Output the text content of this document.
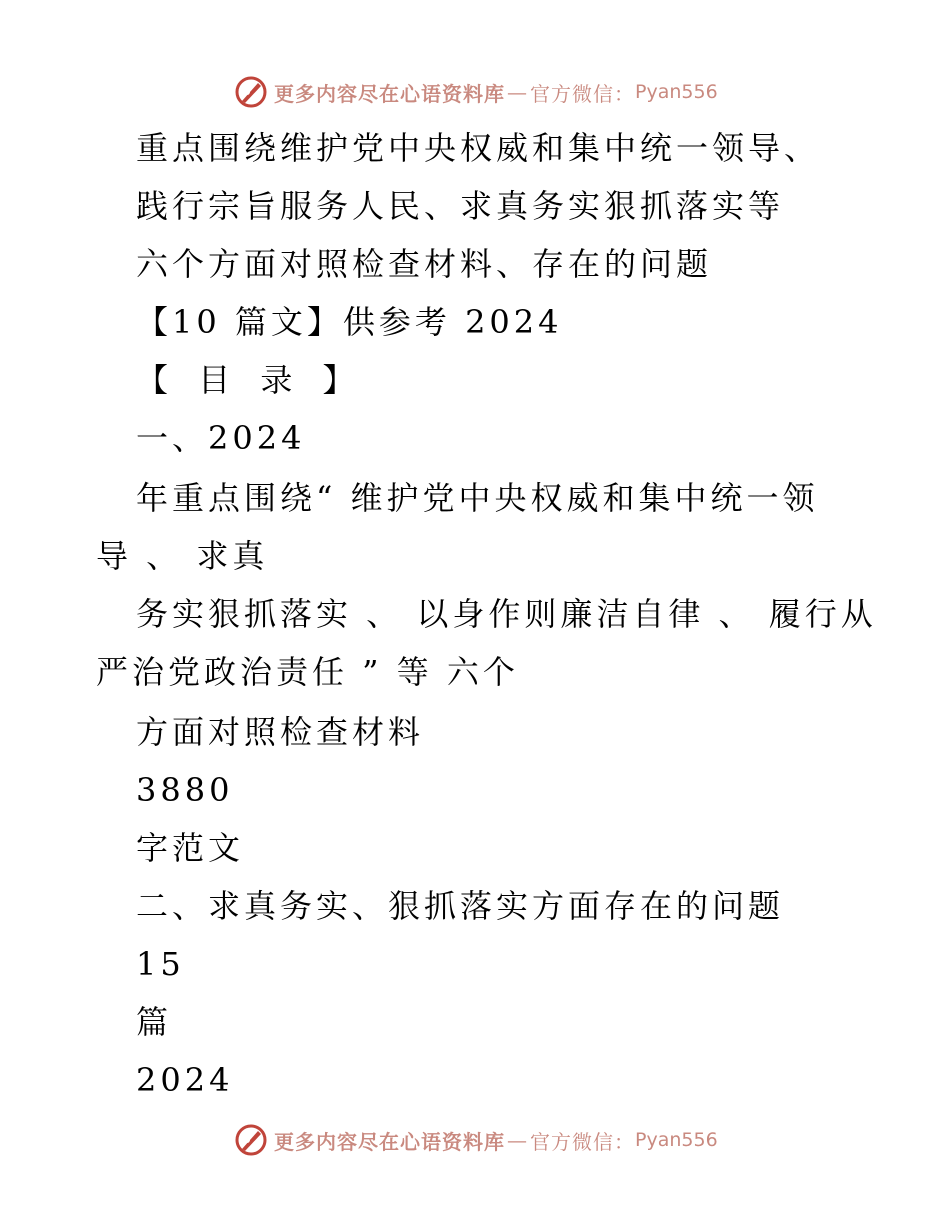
更多内容尽在心语资料库 — 官方微信： Pyan556
重点围绕维护党中央权威和集中统一领导、
践行宗旨服务人民、求真务实狠抓落实等
六个方面对照检查材料、存在的问题
【10 篇文】供参考 2024
【 目 录 】
一、2024
年重点围绕“ 维护党中央权威和集中统一领
导 、 求真
务实狠抓落实 、 以身作则廉洁自律 、 履行从
严治党政治责任 ” 等 六个
方面对照检查材料
3880
字范文
二、求真务实、狠抓落实方面存在的问题
15
篇
2024
更多内容尽在心语资料库 — 官方微信： Pyan556
